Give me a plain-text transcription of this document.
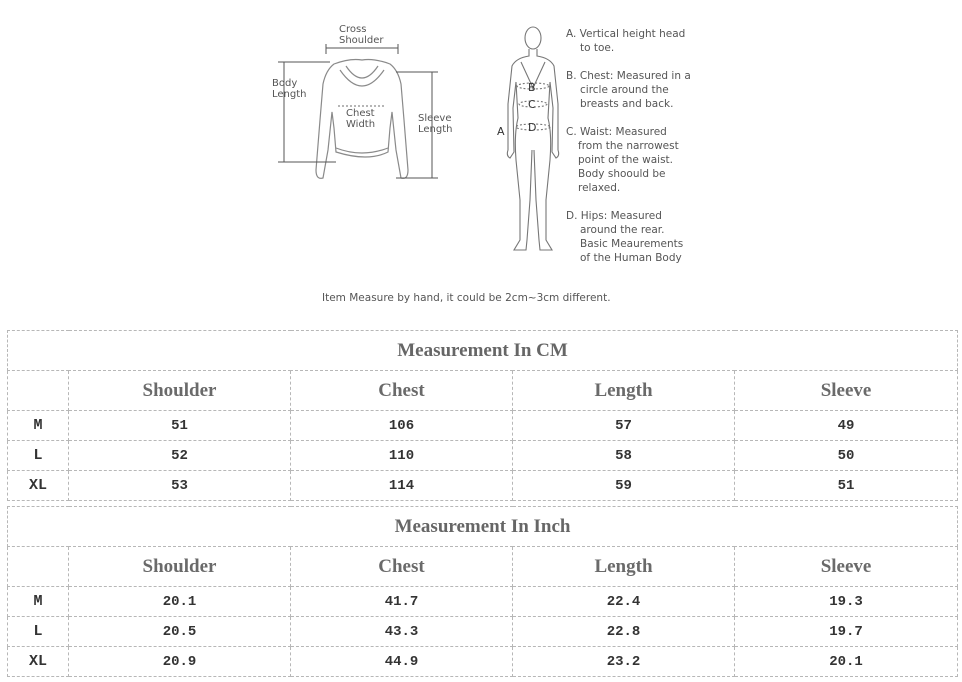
Cross
Shoulder
Body
Length
Chest
Width
Sleeve
Length
B
C
A D
A. Vertical height head
to toe.
B. Chest: Measured in a
circle around the
breasts and back.
C. Waist: Measured
from the narrowest
point of the waist.
Body shoould be
relaxed.
D. Hips: Measured
around the rear.
Basic Meaurements
of the Human Body
Item Measure by hand, it could be 2cm~3cm different.
Measurement In CM				
	Shoulder	Chest	Length	Sleeve
M	51	106	57	49
L	52	110	58	50
XL	53	114	59	51
Measurement In Inch				
	Shoulder	Chest	Length	Sleeve
M	20.1	41.7	22.4	19.3
L	20.5	43.3	22.8	19.7
XL	20.9	44.9	23.2	20.1
